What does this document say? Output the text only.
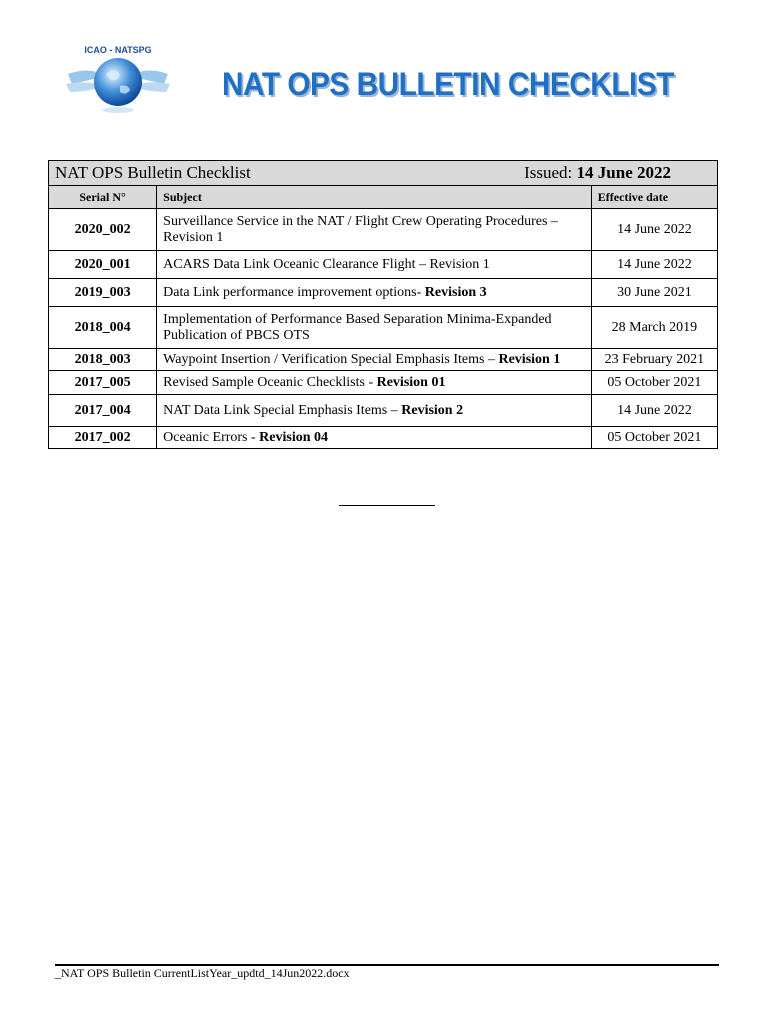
ICAO - NATSPG
NAT OPS BULLETIN CHECKLIST
NAT OPS Bulletin Checklist Issued: 14 June 2022		

Serial N°	Subject	Effective date
2020_002	Surveillance Service in the NAT / Flight Crew Operating Procedures – Revision 1	14 June 2022
2020_001	ACARS Data Link Oceanic Clearance Flight – Revision 1	14 June 2022
2019_003	Data Link performance improvement options- Revision 3	30 June 2021
2018_004	Implementation of Performance Based Separation Minima-Expanded Publication of PBCS OTS	28 March 2019
2018_003	Waypoint Insertion / Verification Special Emphasis Items – Revision 1	23 February 2021
2017_005	Revised Sample Oceanic Checklists - Revision 01	05 October 2021
2017_004	NAT Data Link Special Emphasis Items – Revision 2	14 June 2022
2017_002	Oceanic Errors - Revision 04	05 October 2021
_NAT OPS Bulletin CurrentListYear_updtd_14Jun2022.docx
